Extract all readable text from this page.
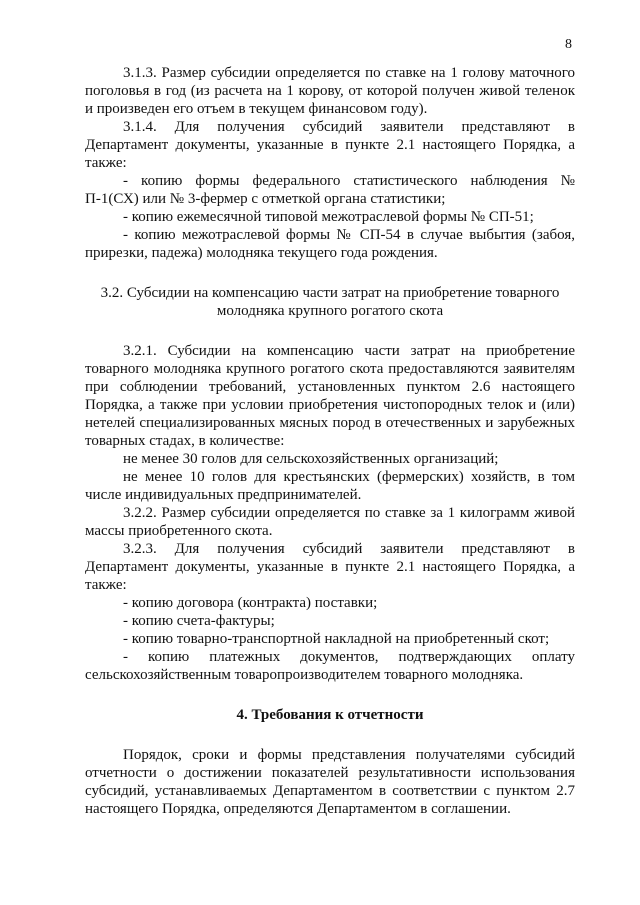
8

3.1.3. Размер субсидии определяется по ставке на 1 голову маточного поголовья в год (из расчета на 1 корову, от которой получен живой теленок и произведен его отъем в текущем финансовом году).

3.1.4. Для получения субсидий заявители представляют в Департамент документы, указанные в пункте 2.1 настоящего Порядка, а также:

- копию формы федерального статистического наблюдения № П-1(СХ) или № 3-фермер с отметкой органа статистики;

- копию ежемесячной типовой межотраслевой формы № СП-51;

- копию межотраслевой формы № СП-54 в случае выбытия (забоя, прирезки, падежа) молодняка текущего года рождения.

3.2. Субсидии на компенсацию части затрат на приобретение товарного

молодняка крупного рогатого скота

3.2.1. Субсидии на компенсацию части затрат на приобретение товарного молодняка крупного рогатого скота предоставляются заявителям при соблюдении требований, установленных пунктом 2.6 настоящего Порядка, а также при условии приобретения чистопородных телок и (или) нетелей специализированных мясных пород в отечественных и зарубежных товарных стадах, в количестве:

не менее 30 голов для сельскохозяйственных организаций;

не менее 10 голов для крестьянских (фермерских) хозяйств, в том числе индивидуальных предпринимателей.

3.2.2. Размер субсидии определяется по ставке за 1 килограмм живой массы приобретенного скота.

3.2.3. Для получения субсидий заявители представляют в Департамент документы, указанные в пункте 2.1 настоящего Порядка, а также:

- копию договора (контракта) поставки;

- копию счета-фактуры;

- копию товарно-транспортной накладной на приобретенный скот;

- копию платежных документов, подтверждающих оплату сельскохозяйственным товаропроизводителем товарного молодняка.

4. Требования к отчетности

Порядок, сроки и формы представления получателями субсидий отчетности о достижении показателей результативности использования субсидий, устанавливаемых Департаментом в соответствии с пунктом 2.7 настоящего Порядка, определяются Департаментом в соглашении.
